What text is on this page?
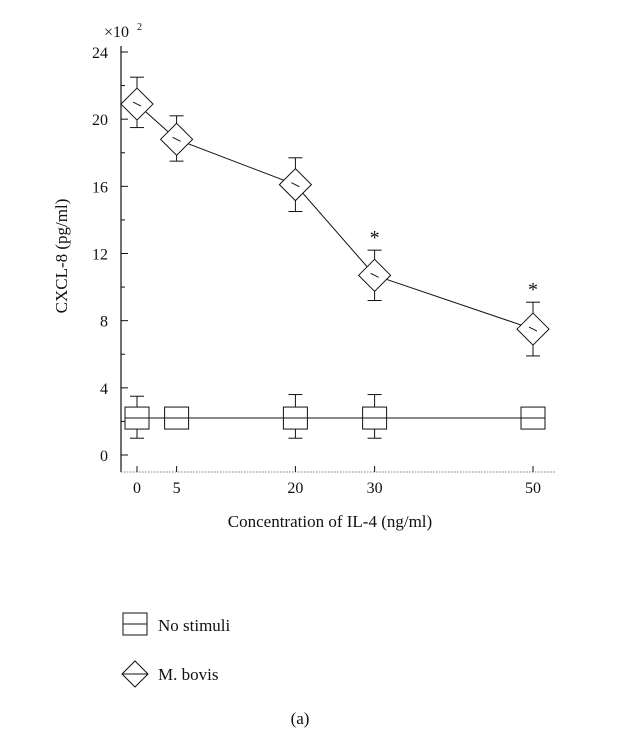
×10 2
CXCL-8 (pg/ml)
Concentration of IL-4 (ng/ml)
0
4
8
12
16
20
24
0 5	20	30	50
*
*
No stimuli
M. bovis
(a)
